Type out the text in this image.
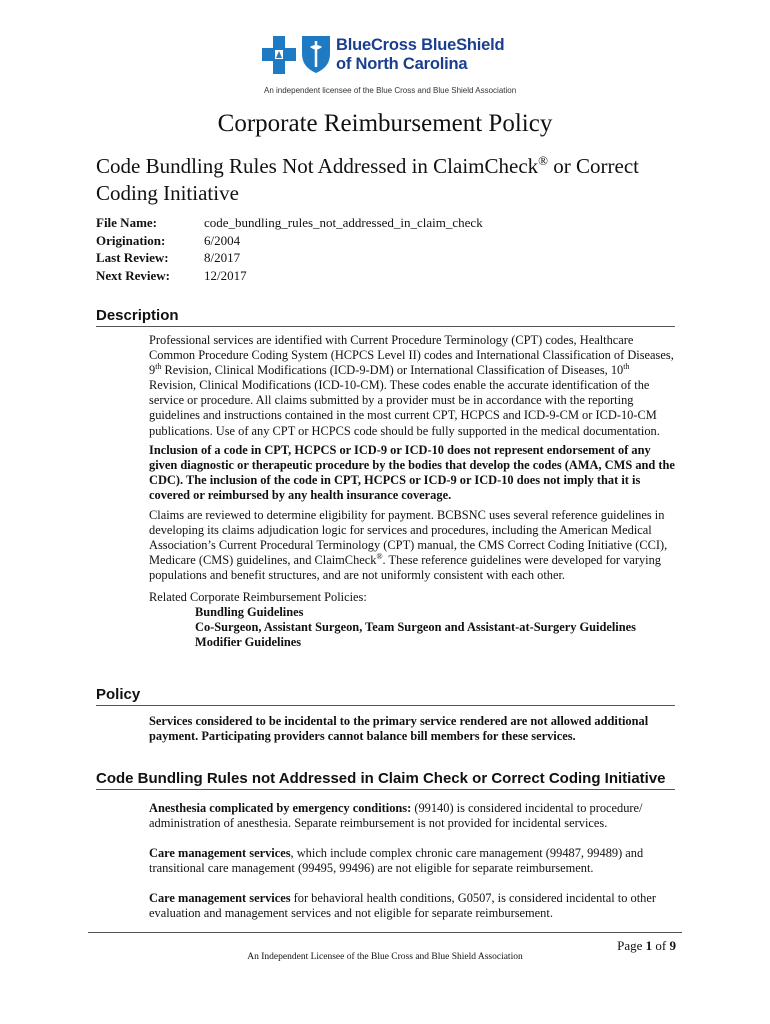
BlueCross BlueShield
of North Carolina
An independent licensee of the Blue Cross and Blue Shield Association
Corporate Reimbursement Policy
Code Bundling Rules Not Addressed in ClaimCheck® or Correct Coding Initiative
File Name:	code_bundling_rules_not_addressed_in_claim_check
Origination:	6/2004
Last Review:	8/2017
Next Review:	12/2017
Description

Professional services are identified with Current Procedure Terminology (CPT) codes, Healthcare Common Procedure Coding System (HCPCS Level II) codes and International Classification of Diseases, 9th Revision, Clinical Modifications (ICD-9-DM) or International Classification of Diseases, 10th Revision, Clinical Modifications (ICD-10-CM). These codes enable the accurate identification of the service or procedure. All claims submitted by a provider must be in accordance with the reporting guidelines and instructions contained in the most current CPT, HCPCS and ICD-9-CM or ICD-10-CM publications. Use of any CPT or HCPCS code should be fully supported in the medical documentation.

Inclusion of a code in CPT, HCPCS or ICD-9 or ICD-10 does not represent endorsement of any given diagnostic or therapeutic procedure by the bodies that develop the codes (AMA, CMS and the CDC). The inclusion of the code in CPT, HCPCS or ICD-9 or ICD-10 does not imply that it is covered or reimbursed by any health insurance coverage.

Claims are reviewed to determine eligibility for payment. BCBSNC uses several reference guidelines in developing its claims adjudication logic for services and procedures, including the American Medical Association’s Current Procedural Terminology (CPT) manual, the CMS Correct Coding Initiative (CCI), Medicare (CMS) guidelines, and ClaimCheck®. These reference guidelines were developed for varying populations and benefit structures, and are not uniformly consistent with each other.

Related Corporate Reimbursement Policies:

Bundling Guidelines

Co-Surgeon, Assistant Surgeon, Team Surgeon and Assistant-at-Surgery Guidelines

Modifier Guidelines

Policy
Services considered to be incidental to the primary service rendered are not allowed additional payment. Participating providers cannot balance bill members for these services.
Code Bundling Rules not Addressed in Claim Check or Correct Coding Initiative

Anesthesia complicated by emergency conditions: (99140) is considered incidental to procedure/ administration of anesthesia. Separate reimbursement is not provided for incidental services.

Care management services, which include complex chronic care management (99487, 99489) and transitional care management (99495, 99496) are not eligible for separate reimbursement.

Care management services for behavioral health conditions, G0507, is considered incidental to other evaluation and management services and not eligible for separate reimbursement.

Page 1 of 9
An Independent Licensee of the Blue Cross and Blue Shield Association
